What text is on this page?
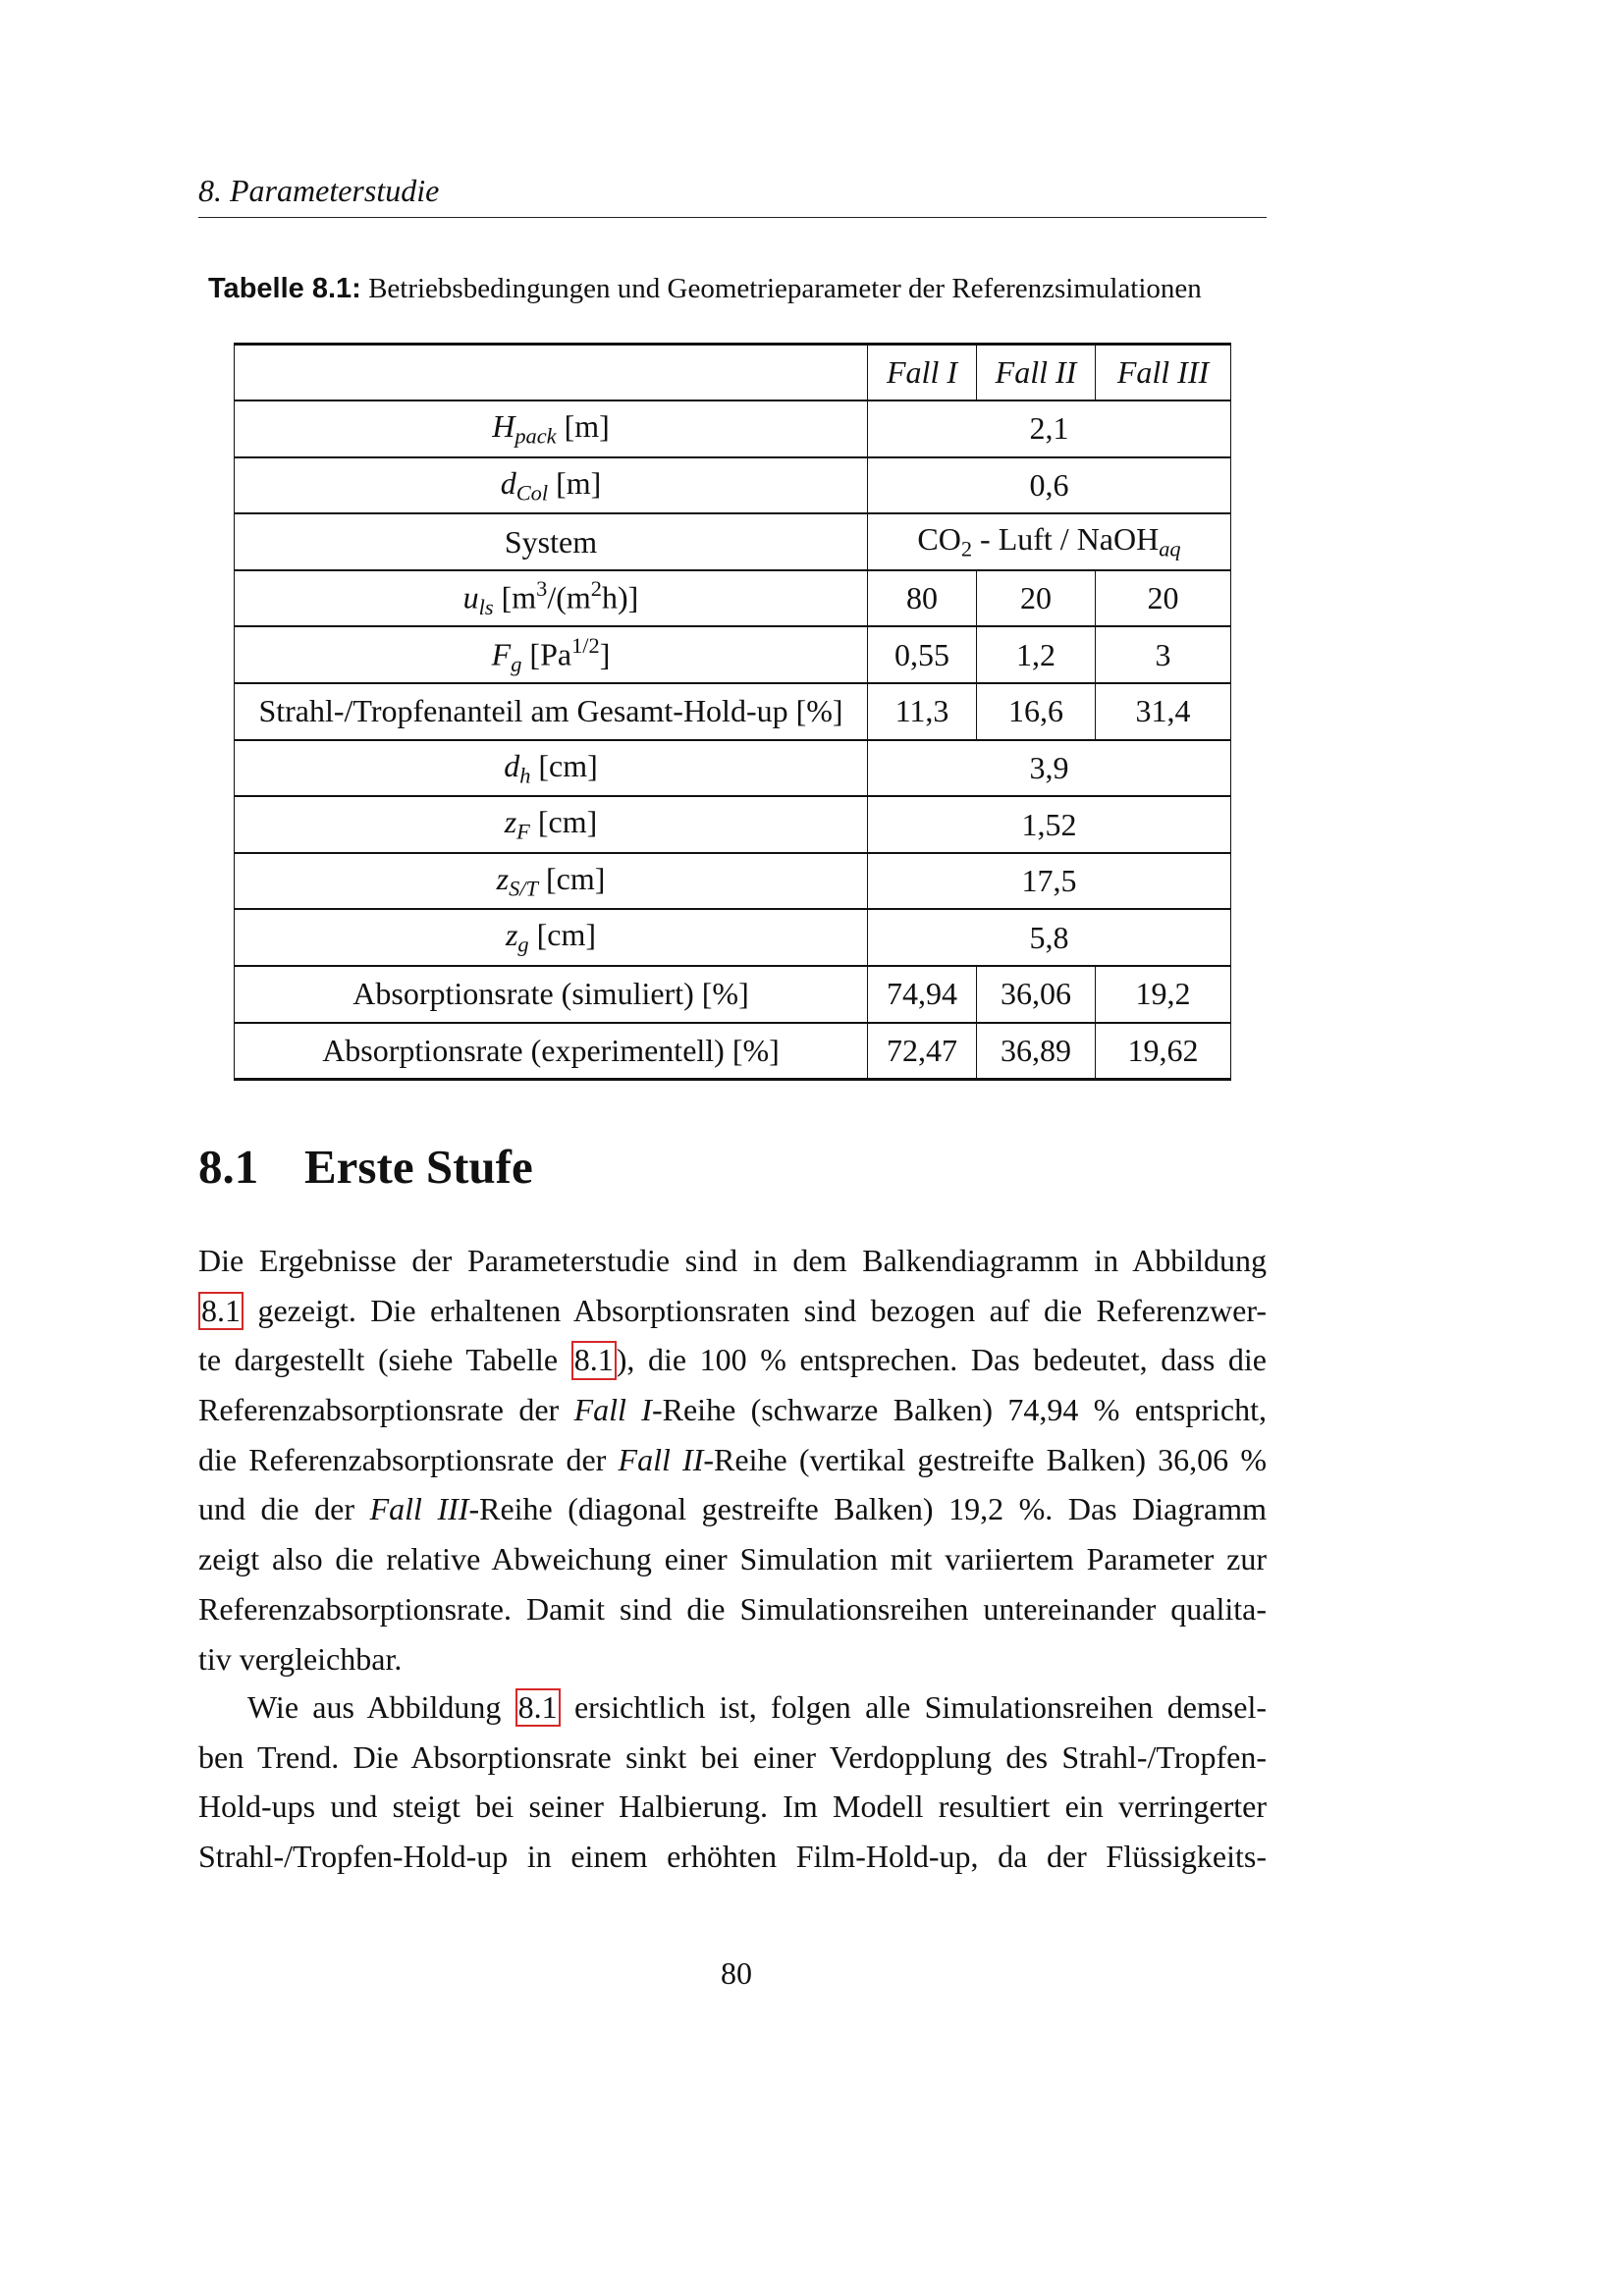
8. Parameterstudie
Tabelle 8.1: Betriebsbedingungen und Geometrieparameter der Referenzsimulationen
	Fall I	Fall II	Fall III
$H_{pack}$ [m]	2,1		
$d_{Col}$ [m]	0,6		
System	$CO_2$ - Luft / NaOH$_{aq}$
$u_{ls}$ $[m^3/(m^2h)]$	80	20	20
$F_g$ $[Pa^{1/2}]$	0,55	1,2	3
Strahl-/Tropfenanteil am Gesamt-Hold-up [%]	11,3	16,6	31,4
$d_h$ [cm]	3,9		
$z_F$ [cm]	1,52		
$z_{S/T}$ [cm]	17,5		
$z_g$ [cm]	5,8		
Absorptionsrate (simuliert) [%]	74,94	36,06	19,2
Absorptionsrate (experimentell) [%]	72,47	36,89	19,62
8.1 Erste Stufe
Die Ergebnisse der Parameterstudie sind in dem Balkendiagramm in Abbildung
8.1 gezeigt. Die erhaltenen Absorptionsraten sind bezogen auf die Referenzwer-
te dargestellt (siehe Tabelle 8.1), die 100 % entsprechen. Das bedeutet, dass die
Referenzabsorptionsrate der Fall I-Reihe (schwarze Balken) 74,94 % entspricht,
die Referenzabsorptionsrate der Fall II-Reihe (vertikal gestreifte Balken) 36,06 %
und die der Fall III-Reihe (diagonal gestreifte Balken) 19,2 %. Das Diagramm
zeigt also die relative Abweichung einer Simulation mit variiertem Parameter zur
Referenzabsorptionsrate. Damit sind die Simulationsreihen untereinander qualita-
tiv vergleichbar.
Wie aus Abbildung 8.1 ersichtlich ist, folgen alle Simulationsreihen demsel-
ben Trend. Die Absorptionsrate sinkt bei einer Verdopplung des Strahl-/Tropfen-
Hold-ups und steigt bei seiner Halbierung. Im Modell resultiert ein verringerter
Strahl-/Tropfen-Hold-up in einem erhöhten Film-Hold-up, da der Flüssigkeits-
80
